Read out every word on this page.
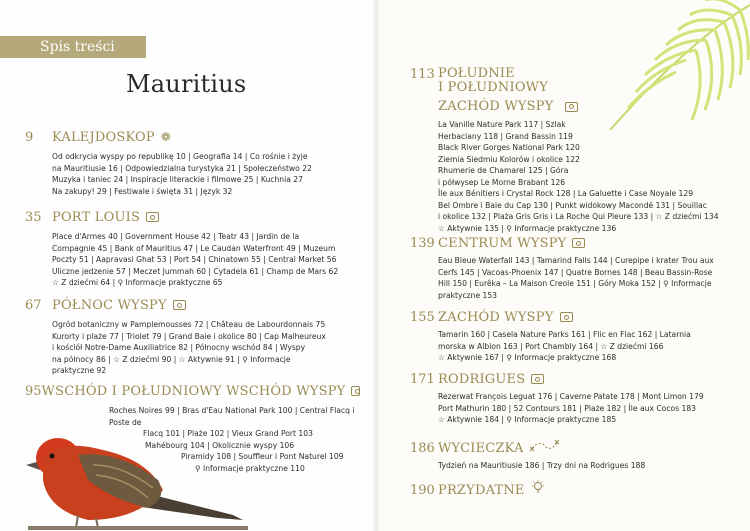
Spis treści
Mauritius
9	KALEJDOSKOP ❁
Od odkrycia wyspy po republikę 10 | Geografia 14 | Co rośnie i żyje
na Mauritiusie 16 | Odpowiedzialna turystyka 21 | Społeczeństwo 22
Muzyka i taniec 24 | Inspiracje literackie i filmowe 25 | Kuchnia 27
Na zakupy! 29 | Festiwale i święta 31 | Język 32
35 PORT LOUIS
Place d'Armes 40 | Government House 42 | Teatr 43 | Jardin de la
Compagnie 45 | Bank of Mauritius 47 | Le Caudan Waterfront 49 | Muzeum
Poczty 51 | Aapravasi Ghat 53 | Port 54 | Chinatown 55 | Central Market 56
Uliczne jedzenie 57 | Meczet Jummah 60 | Cytadela 61 | Champ de Mars 62
☆ Z dziećmi 64 | ⚲ Informacje praktyczne 65
67 PÓŁNOC WYSPY
Ogród botaniczny w Pamplemousses 72 | Château de Labourdonnais 75
Kurorty i plaże 77 | Triolet 79 | Grand Baie i okolice 80 | Cap Malheureux
i kościół Notre-Dame Auxiliatrice 82 | Północny wschód 84 | Wyspy
na północy 86 | ☆ Z dziećmi 90 | ☆ Aktywnie 91 | ⚲ Informacje
praktyczne 92
95 WSCHÓD I POŁUDNIOWY WSCHÓD WYSPY
Roches Noires 99 | Bras d'Eau National Park 100 | Central Flacq i Poste de
Flacq 101 | Plaże 102 | Vieux Grand Port 103
Mahébourg 104 | Okolicznie wyspy 106
Piramidy 108 | Souffleur i Pont Naturel 109
⚲ Informacje praktyczne 110
113 POŁUDNIE
I POŁUDNIOWY
ZACHÓD WYSPY
La Vanille Nature Park 117 | Szlak
Herbaciany 118 | Grand Bassin 119
Black River Gorges National Park 120
Ziemia Siedmiu Kolorów i okolice 122
Rhumerie de Chamarel 125 | Góra
i półwysep Le Morne Brabant 126
Île aux Bénitiers i Crystal Rock 128 | La Galuette i Case Noyale 129
Bel Ombre i Baie du Cap 130 | Punkt widokowy Macondé 131 | Souillac
i okolice 132 | Plaża Gris Gris i La Roche Qui Pleure 133 | ☆ Z dziećmi 134
☆ Aktywnie 135 | ⚲ Informacje praktyczne 136
139 CENTRUM WYSPY
Eau Bleue Waterfall 143 | Tamarind Falls 144 | Curepipe i krater Trou aux
Cerfs 145 | Vacoas-Phoenix 147 | Quatre Bornes 148 | Beau Bassin-Rose
Hill 150 | Eurêka – La Maison Creole 151 | Góry Moka 152 | ⚲ Informacje
praktyczne 153
155 ZACHÓD WYSPY
Tamarin 160 | Casela Nature Parks 161 | Flic en Flac 162 | Latarnia
morska w Albion 163 | Port Chambly 164 | ☆ Z dziećmi 166
☆ Aktywnie 167 | ⚲ Informacje praktyczne 168
171 RODRIGUES
Rezerwat François Leguat 176 | Caverne Patate 178 | Mont Limon 179
Port Mathurin 180 | 52 Contours 181 | Plaże 182 | Île aux Cocos 183
☆ Aktywnie 184 | ⚲ Informacje praktyczne 185
186 WYCIECZKA
Tydzień na Mauritiusie 186 | Trzy dni na Rodrigues 188
190 PRZYDATNE
